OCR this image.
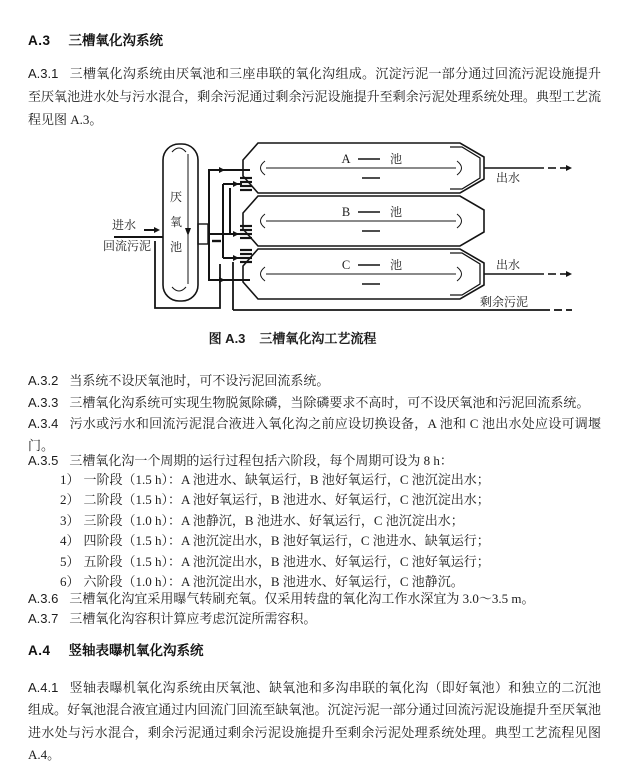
A.3 三槽氧化沟系统
A.3.1 三槽氧化沟系统由厌氧池和三座串联的氧化沟组成。沉淀污泥一部分通过回流污泥设施提升至厌氧池进水处与污水混合，剩余污泥通过剩余污泥设施提升至剩余污泥处理系统处理。典型工艺流程见图 A.3。
进水
回流污泥
厌氧池
A	池
B	池
C	池
出水
出水
剩余污泥
图 A.3 三槽氧化沟工艺流程
A.3.2 当系统不设厌氧池时，可不设污泥回流系统。
A.3.3 三槽氧化沟系统可实现生物脱氮除磷，当除磷要求不高时，可不设厌氧池和污泥回流系统。
A.3.4 污水或污水和回流污泥混合液进入氧化沟之前应设切换设备，A 池和 C 池出水处应设可调堰门。
A.3.5 三槽氧化沟一个周期的运行过程包括六阶段，每个周期可设为 8 h：
1） 一阶段（1.5 h）：A 池进水、缺氧运行，B 池好氧运行，C 池沉淀出水；
2） 二阶段（1.5 h）：A 池好氧运行，B 池进水、好氧运行，C 池沉淀出水；
3） 三阶段（1.0 h）：A 池静沉，B 池进水、好氧运行，C 池沉淀出水；
4） 四阶段（1.5 h）：A 池沉淀出水，B 池好氧运行，C 池进水、缺氧运行；
5） 五阶段（1.5 h）：A 池沉淀出水，B 池进水、好氧运行，C 池好氧运行；
6） 六阶段（1.0 h）：A 池沉淀出水，B 池进水、好氧运行，C 池静沉。
A.3.6 三槽氧化沟宜采用曝气转刷充氧。仅采用转盘的氧化沟工作水深宜为 3.0～3.5 m。
A.3.7 三槽氧化沟容积计算应考虑沉淀所需容积。
A.4 竖轴表曝机氧化沟系统
A.4.1 竖轴表曝机氧化沟系统由厌氧池、缺氧池和多沟串联的氧化沟（即好氧池）和独立的二沉池组成。好氧池混合液宜通过内回流门回流至缺氧池。沉淀污泥一部分通过回流污泥设施提升至厌氧池进水处与污水混合，剩余污泥通过剩余污泥设施提升至剩余污泥处理系统处理。典型工艺流程见图 A.4。
